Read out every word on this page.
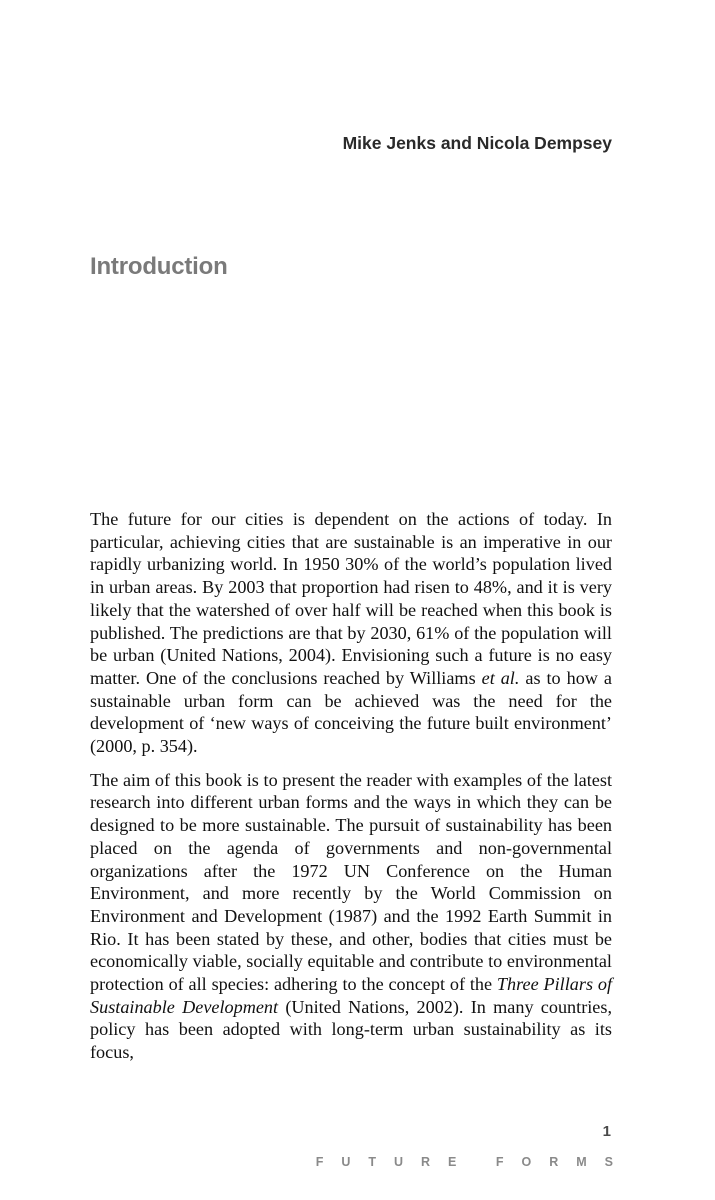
Mike Jenks and Nicola Dempsey
Introduction

The future for our cities is dependent on the actions of today. In particular, achieving cities that are sustainable is an imperative in our rapidly urbanizing world. In 1950 30% of the world’s population lived in urban areas. By 2003 that proportion had risen to 48%, and it is very likely that the watershed of over half will be reached when this book is published. The predictions are that by 2030, 61% of the population will be urban (United Nations, 2004). Envisioning such a future is no easy matter. One of the conclusions reached by Williams et al. as to how a sustainable urban form can be achieved was the need for the development of ‘new ways of conceiving the future built environment’ (2000, p. 354).

The aim of this book is to present the reader with examples of the latest research into different urban forms and the ways in which they can be designed to be more sustainable. The pursuit of sustainability has been placed on the agenda of governments and non-governmental organizations after the 1972 UN Conference on the Human Environment, and more recently by the World Commission on Environment and Development (1987) and the 1992 Earth Summit in Rio. It has been stated by these, and other, bodies that cities must be economically viable, socially equitable and contribute to environmental protection of all species: adhering to the concept of the Three Pillars of Sustainable Development (United Nations, 2002). In many countries, policy has been adopted with long-term urban sustainability as its focus,

1
FUTURE FORMS
